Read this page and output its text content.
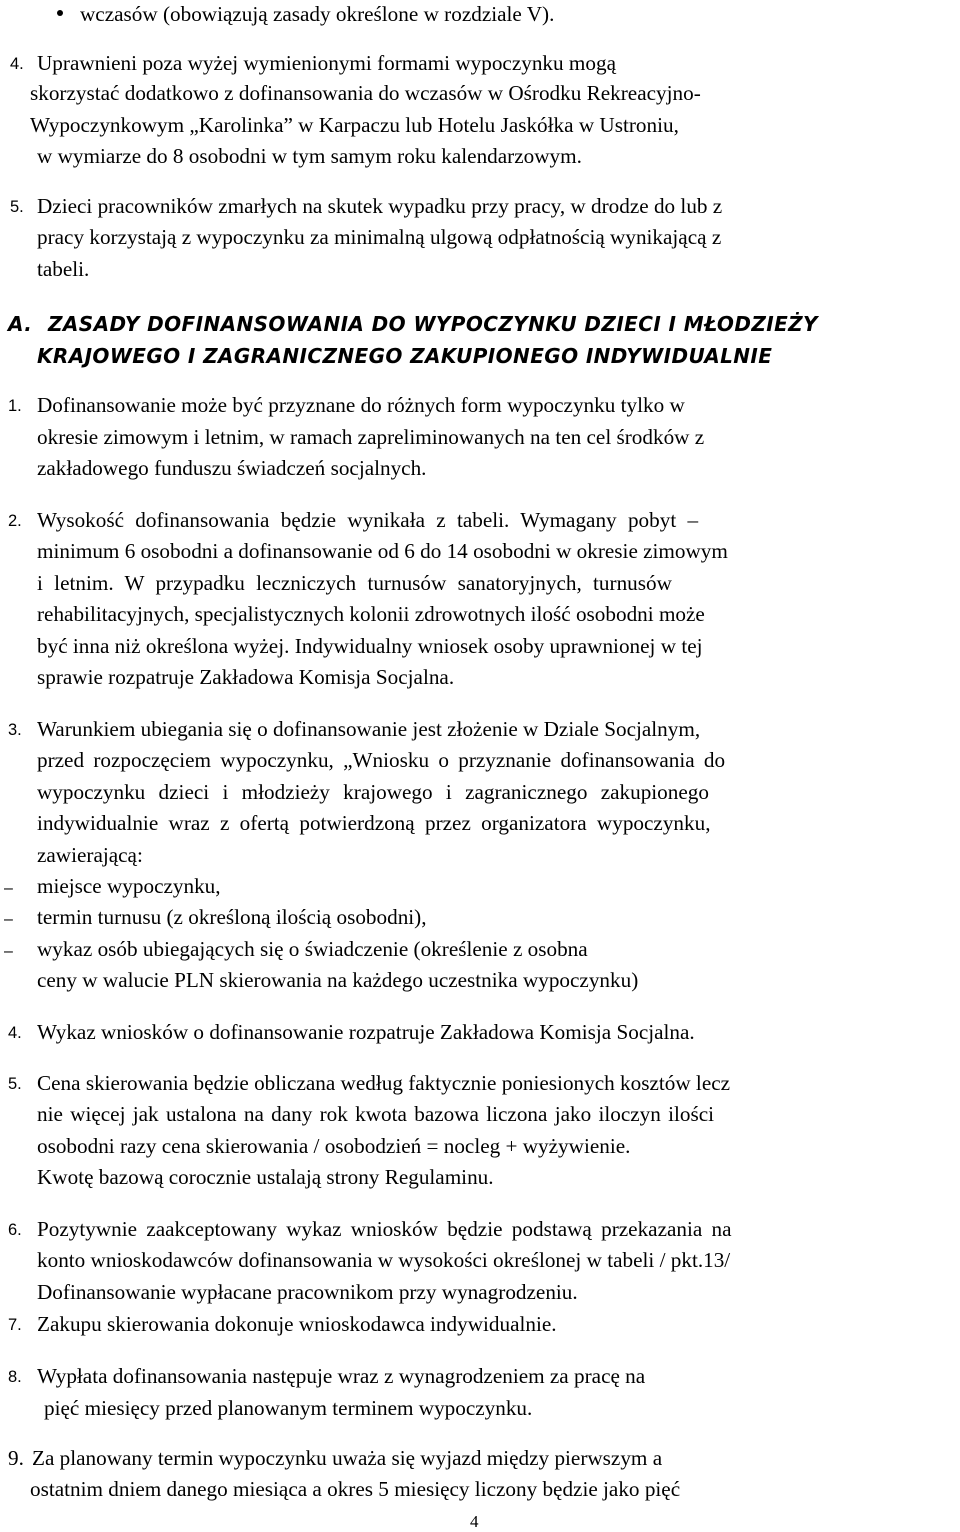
wczasów (obowiązują zasady określone w rozdziale V).
4. Uprawnieni poza wyżej wymienionymi formami wypoczynku mogą
skorzystać dodatkowo z dofinansowania do wczasów w Ośrodku Rekreacyjno-
Wypoczynkowym „Karolinka” w Karpaczu lub Hotelu Jaskółka w Ustroniu,
w wymiarze do 8 osobodni w tym samym roku kalendarzowym.
5. Dzieci pracowników zmarłych na skutek wypadku przy pracy, w drodze do lub z
pracy korzystają z wypoczynku za minimalną ulgową odpłatnością wynikającą z
tabeli.
A. ZASADY DOFINANSOWANIA DO WYPOCZYNKU DZIECI I MŁODZIEŻY
KRAJOWEGO I ZAGRANICZNEGO ZAKUPIONEGO INDYWIDUALNIE
1. Dofinansowanie może być przyznane do różnych form wypoczynku tylko w
okresie zimowym i letnim, w ramach zapreliminowanych na ten cel środków z
zakładowego funduszu świadczeń socjalnych.
2. Wysokość dofinansowania będzie wynikała z tabeli. Wymagany pobyt –
minimum 6 osobodni a dofinansowanie od 6 do 14 osobodni w okresie zimowym
i letnim. W przypadku leczniczych turnusów sanatoryjnych, turnusów
rehabilitacyjnych, specjalistycznych kolonii zdrowotnych ilość osobodni może
być inna niż określona wyżej. Indywidualny wniosek osoby uprawnionej w tej
sprawie rozpatruje Zakładowa Komisja Socjalna.
3. Warunkiem ubiegania się o dofinansowanie jest złożenie w Dziale Socjalnym,
przed rozpoczęciem wypoczynku, „Wniosku o przyznanie dofinansowania do
wypoczynku dzieci i młodzieży krajowego i zagranicznego zakupionego
indywidualnie wraz z ofertą potwierdzoną przez organizatora wypoczynku,
zawierającą:
– miejsce wypoczynku,
– termin turnusu (z określoną ilością osobodni),
– wykaz osób ubiegających się o świadczenie (określenie z osobna
ceny w walucie PLN skierowania na każdego uczestnika wypoczynku)
4. Wykaz wniosków o dofinansowanie rozpatruje Zakładowa Komisja Socjalna.
5. Cena skierowania będzie obliczana według faktycznie poniesionych kosztów lecz
nie więcej jak ustalona na dany rok kwota bazowa liczona jako iloczyn ilości
osobodni razy cena skierowania / osobodzień = nocleg + wyżywienie.
Kwotę bazową corocznie ustalają strony Regulaminu.
6. Pozytywnie zaakceptowany wykaz wniosków będzie podstawą przekazania na
konto wnioskodawców dofinansowania w wysokości określonej w tabeli / pkt.13/
Dofinansowanie wypłacane pracownikom przy wynagrodzeniu.
7. Zakupu skierowania dokonuje wnioskodawca indywidualnie.
8. Wypłata dofinansowania następuje wraz z wynagrodzeniem za pracę na
pięć miesięcy przed planowanym terminem wypoczynku.
9. Za planowany termin wypoczynku uważa się wyjazd między pierwszym a
ostatnim dniem danego miesiąca a okres 5 miesięcy liczony będzie jako pięć
4
